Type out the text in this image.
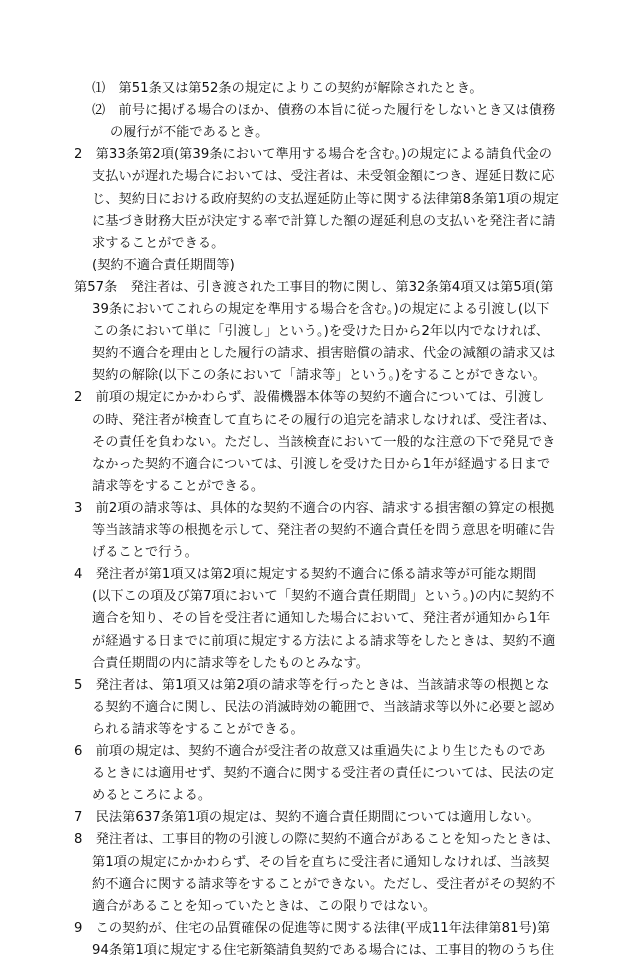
⑴　第51条又は第52条の規定によりこの契約が解除されたとき。
⑵　前号に掲げる場合のほか、債務の本旨に従った履行をしないとき又は債務
の履行が不能であるとき。
2　第33条第2項(第39条において準用する場合を含む。)の規定による請負代金の
支払いが遅れた場合においては、受注者は、未受領金額につき、遅延日数に応
じ、契約日における政府契約の支払遅延防止等に関する法律第8条第1項の規定
に基づき財務大臣が決定する率で計算した額の遅延利息の支払いを発注者に請
求することができる。
(契約不適合責任期間等)
第57条　発注者は、引き渡された工事目的物に関し、第32条第4項又は第5項(第
39条においてこれらの規定を準用する場合を含む。)の規定による引渡し(以下
この条において単に「引渡し」という。)を受けた日から2年以内でなければ、
契約不適合を理由とした履行の請求、損害賠償の請求、代金の減額の請求又は
契約の解除(以下この条において「請求等」という。)をすることができない。
2　前項の規定にかかわらず、設備機器本体等の契約不適合については、引渡し
の時、発注者が検査して直ちにその履行の追完を請求しなければ、受注者は、
その責任を負わない。ただし、当該検査において一般的な注意の下で発見でき
なかった契約不適合については、引渡しを受けた日から1年が経過する日まで
請求等をすることができる。
3　前2項の請求等は、具体的な契約不適合の内容、請求する損害額の算定の根拠
等当該請求等の根拠を示して、発注者の契約不適合責任を問う意思を明確に告
げることで行う。
4　発注者が第1項又は第2項に規定する契約不適合に係る請求等が可能な期間
(以下この項及び第7項において「契約不適合責任期間」という。)の内に契約不
適合を知り、その旨を受注者に通知した場合において、発注者が通知から1年
が経過する日までに前項に規定する方法による請求等をしたときは、契約不適
合責任期間の内に請求等をしたものとみなす。
5　発注者は、第1項又は第2項の請求等を行ったときは、当該請求等の根拠とな
る契約不適合に関し、民法の消滅時効の範囲で、当該請求等以外に必要と認め
られる請求等をすることができる。
6　前項の規定は、契約不適合が受注者の故意又は重過失により生じたものであ
るときには適用せず、契約不適合に関する受注者の責任については、民法の定
めるところによる。
7　民法第637条第1項の規定は、契約不適合責任期間については適用しない。
8　発注者は、工事目的物の引渡しの際に契約不適合があることを知ったときは、
第1項の規定にかかわらず、その旨を直ちに受注者に通知しなければ、当該契
約不適合に関する請求等をすることができない。ただし、受注者がその契約不
適合があることを知っていたときは、この限りではない。
9　この契約が、住宅の品質確保の促進等に関する法律(平成11年法律第81号)第
94条第1項に規定する住宅新築請負契約である場合には、工事目的物のうち住
